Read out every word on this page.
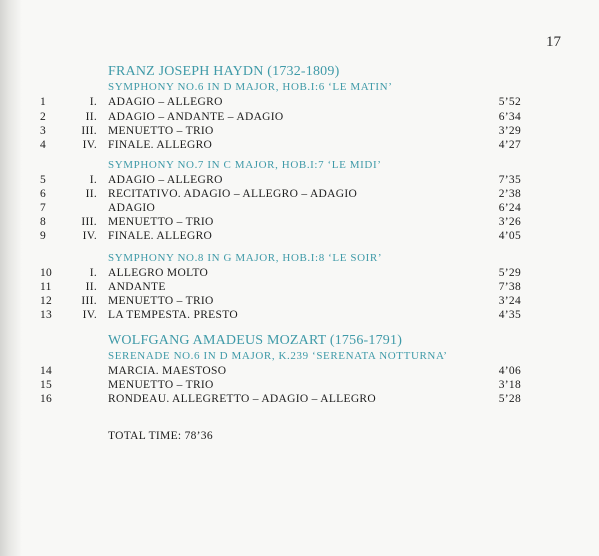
17
FRANZ JOSEPH HAYDN (1732-1809)
SYMPHONY NO.6 IN D MAJOR, HOB.I:6 ‘LE MATIN’
1	I. ADAGIO – ALLEGRO	5’52
2	II. ADAGIO – ANDANTE – ADAGIO	6’34
3	III. MENUETTO – TRIO	3’29
4	IV. FINALE. ALLEGRO	4’27
SYMPHONY NO.7 IN C MAJOR, HOB.I:7 ‘LE MIDI’
5	I. ADAGIO – ALLEGRO	7’35
6	II. RECITATIVO. ADAGIO – ALLEGRO – ADAGIO	2’38
7	ADAGIO	6’24
8	III. MENUETTO – TRIO	3’26
9	IV. FINALE. ALLEGRO	4’05
SYMPHONY NO.8 IN G MAJOR, HOB.I:8 ‘LE SOIR’
10	I. ALLEGRO MOLTO	5’29
11	II. ANDANTE	7’38
12	III. MENUETTO – TRIO	3’24
13	IV. LA TEMPESTA. PRESTO	4’35
WOLFGANG AMADEUS MOZART (1756-1791)
SERENADE NO.6 IN D MAJOR, K.239 ‘SERENATA NOTTURNA’
14	MARCIA. MAESTOSO	4’06
15	MENUETTO – TRIO	3’18
16	RONDEAU. ALLEGRETTO – ADAGIO – ALLEGRO	5’28
TOTAL TIME: 78’36
